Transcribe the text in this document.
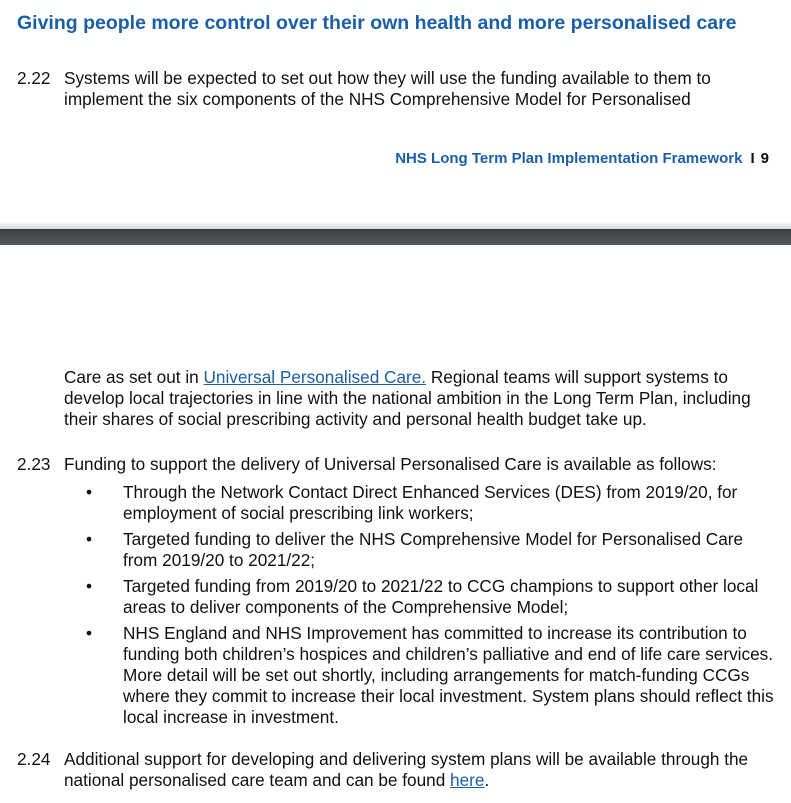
Giving people more control over their own health and more personalised care
2.22 Systems will be expected to set out how they will use the funding available to them to implement the six components of the NHS Comprehensive Model for Personalised
NHS Long Term Plan Implementation Framework I 9
Care as set out in Universal Personalised Care. Regional teams will support systems to develop local trajectories in line with the national ambition in the Long Term Plan, including their shares of social prescribing activity and personal health budget take up.
2.23 Funding to support the delivery of Universal Personalised Care is available as follows:
• Through the Network Contact Direct Enhanced Services (DES) from 2019/20, for employment of social prescribing link workers;
• Targeted funding to deliver the NHS Comprehensive Model for Personalised Care from 2019/20 to 2021/22;
• Targeted funding from 2019/20 to 2021/22 to CCG champions to support other local areas to deliver components of the Comprehensive Model;
• NHS England and NHS Improvement has committed to increase its contribution to funding both children’s hospices and children’s palliative and end of life care services. More detail will be set out shortly, including arrangements for match-funding CCGs where they commit to increase their local investment. System plans should reflect this local increase in investment.
2.24 Additional support for developing and delivering system plans will be available through the national personalised care team and can be found here.
